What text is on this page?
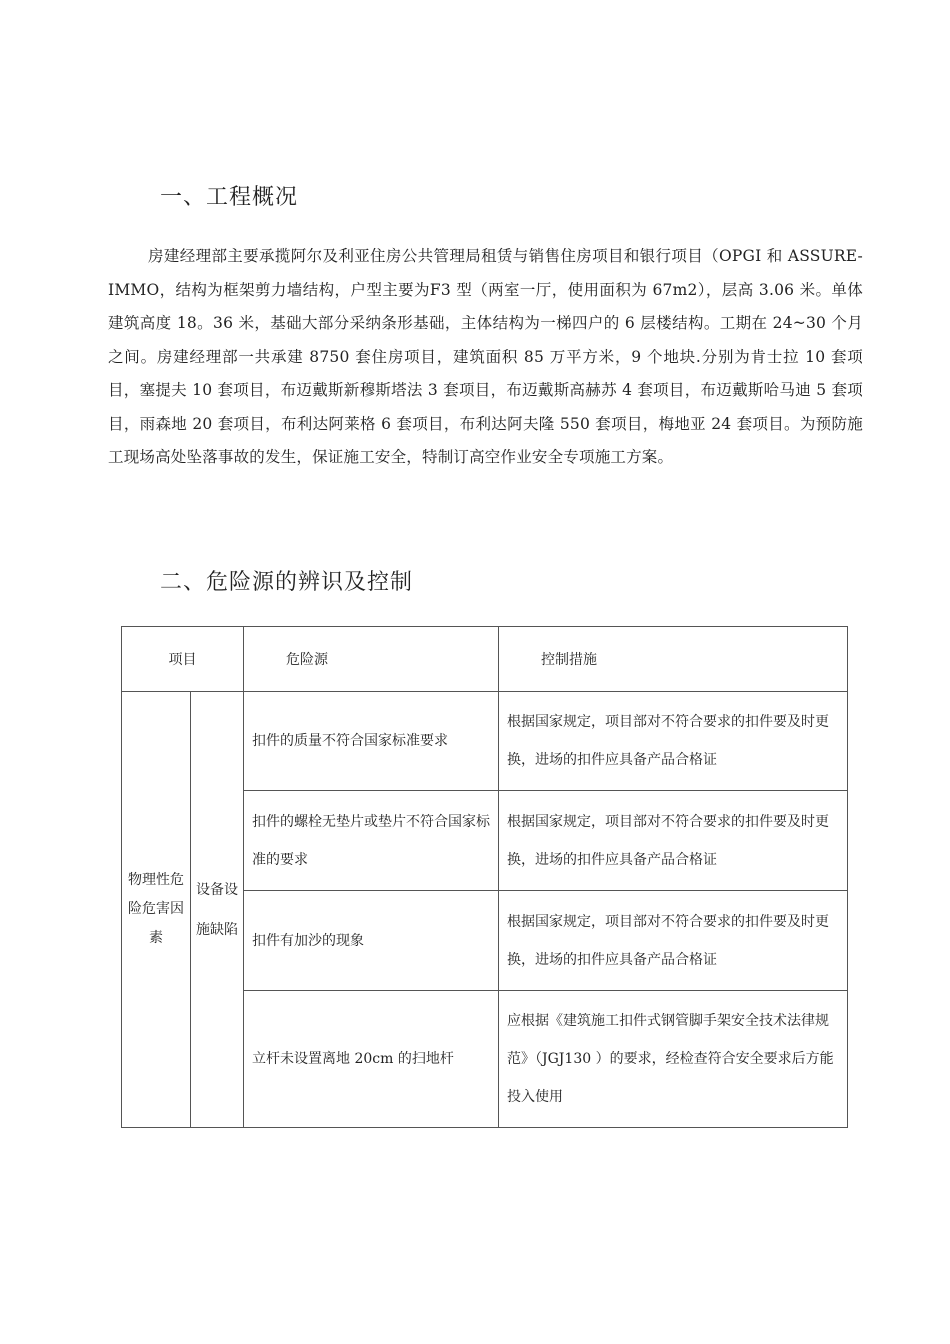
一、工程概况

房建经理部主要承揽阿尔及利亚住房公共管理局租赁与销售住房项目和银行项目（OPGI 和 ASSURE-IMMO，结构为框架剪力墙结构，户型主要为F3 型（两室一厅，使用面积为 67m2），层高 3.06 米。单体建筑高度 18。36 米，基础大部分采纳条形基础，主体结构为一梯四户的 6 层楼结构。工期在 24~30 个月之间。房建经理部一共承建 8750 套住房项目，建筑面积 85 万平方米，9 个地块.分别为肯士拉 10 套项目，塞提夫 10 套项目，布迈戴斯新穆斯塔法 3 套项目，布迈戴斯高赫苏 4 套项目，布迈戴斯哈马迪 5 套项目，雨森地 20 套项目，布利达阿莱格 6 套项目，布利达阿夫隆 550 套项目，梅地亚 24 套项目。为预防施工现场高处坠落事故的发生，保证施工安全，特制订高空作业安全专项施工方案。

二、危险源的辨识及控制
项目		危险源	控制措施
物理性危险危害因素	设备设施缺陷	扣件的质量不符合国家标准要求	根据国家规定，项目部对不符合要求的扣件要及时更换，进场的扣件应具备产品合格证
		扣件的螺栓无垫片或垫片不符合国家标准的要求	根据国家规定，项目部对不符合要求的扣件要及时更换，进场的扣件应具备产品合格证
		扣件有加沙的现象	根据国家规定，项目部对不符合要求的扣件要及时更换，进场的扣件应具备产品合格证
		立杆未设置离地 20cm 的扫地杆	应根据《建筑施工扣件式钢管脚手架安全技术法律规范》（JGJ130 ）的要求，经检查符合安全要求后方能投入使用
